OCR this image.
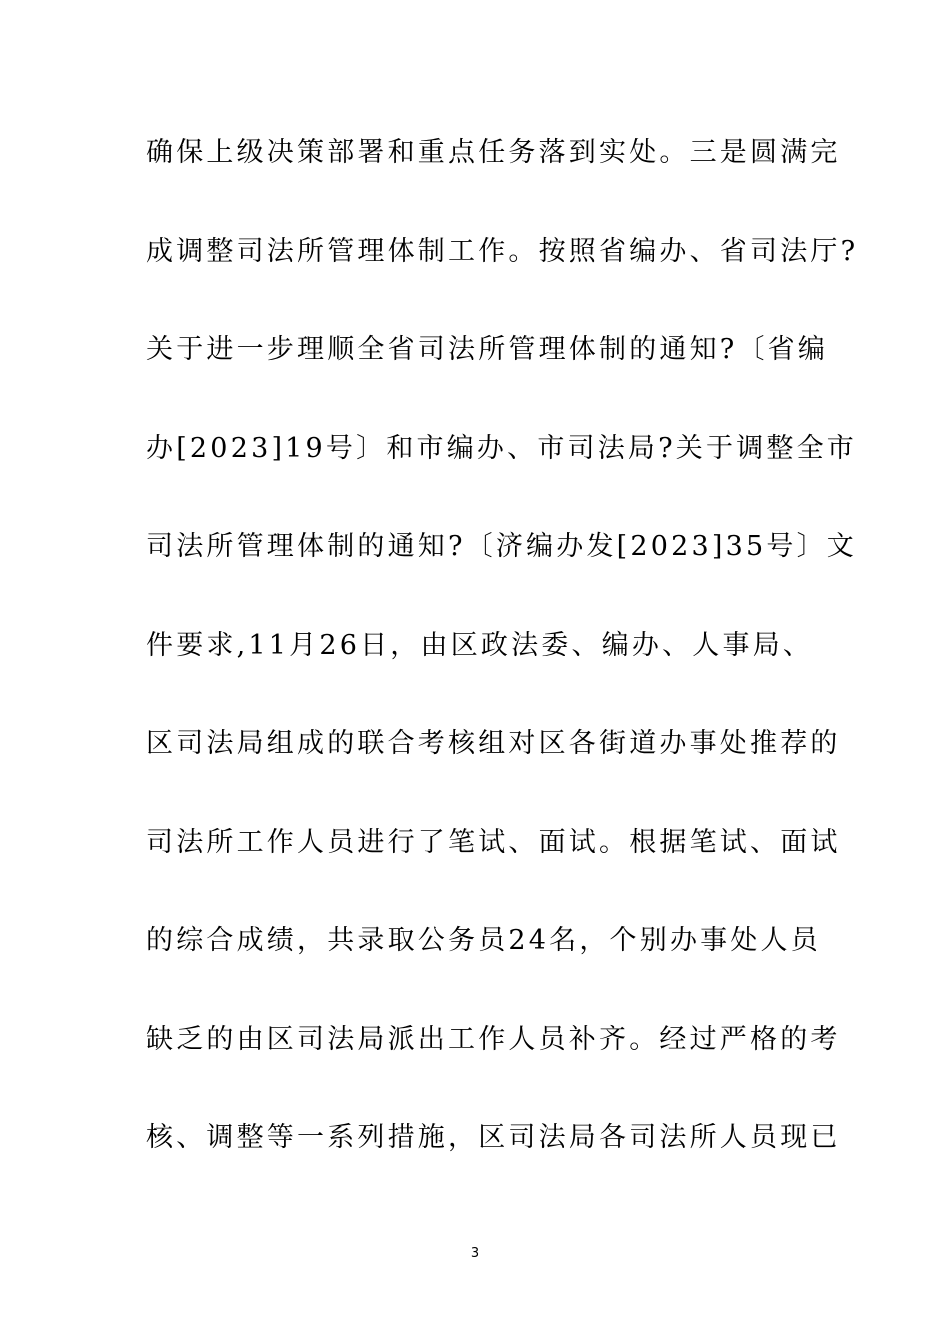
确保上级决策部署和重点任务落到实处。三是圆满完
成调整司法所管理体制工作。按照省编办、省司法厅?
关于进一步理顺全省司法所管理体制的通知?〔省编
办[2023]19号〕和市编办、市司法局?关于调整全市
司法所管理体制的通知?〔济编办发[2023]35号〕文
件要求,11月26日，由区政法委、编办、人事局、
区司法局组成的联合考核组对区各街道办事处推荐的
司法所工作人员进行了笔试、面试。根据笔试、面试
的综合成绩，共录取公务员24名，个别办事处人员
缺乏的由区司法局派出工作人员补齐。经过严格的考
核、调整等一系列措施，区司法局各司法所人员现已
3
